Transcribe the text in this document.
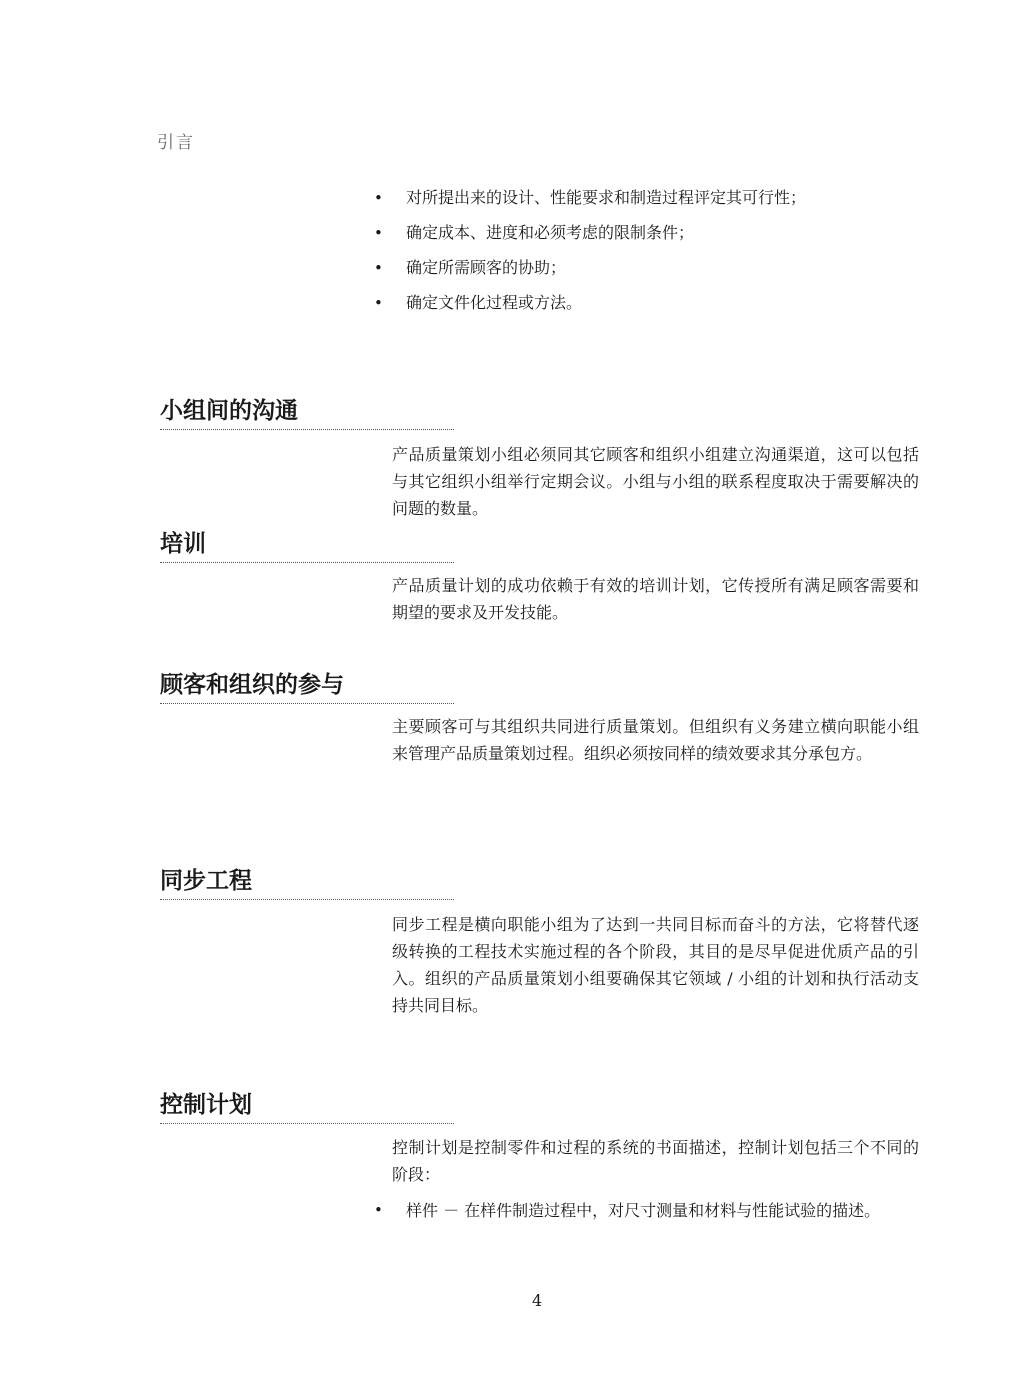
引言
• 对所提出来的设计、性能要求和制造过程评定其可行性；
• 确定成本、进度和必须考虑的限制条件；
• 确定所需顾客的协助；
• 确定文件化过程或方法。
小组间的沟通
产品质量策划小组必须同其它顾客和组织小组建立沟通渠道，这可以包括与其它组织小组举行定期会议。小组与小组的联系程度取决于需要解决的问题的数量。
培训
产品质量计划的成功依赖于有效的培训计划，它传授所有满足顾客需要和期望的要求及开发技能。
顾客和组织的参与
主要顾客可与其组织共同进行质量策划。但组织有义务建立横向职能小组来管理产品质量策划过程。组织必须按同样的绩效要求其分承包方。
同步工程
同步工程是横向职能小组为了达到一共同目标而奋斗的方法，它将替代逐级转换的工程技术实施过程的各个阶段，其目的是尽早促进优质产品的引入。组织的产品质量策划小组要确保其它领域 / 小组的计划和执行活动支持共同目标。
控制计划
控制计划是控制零件和过程的系统的书面描述，控制计划包括三个不同的阶段：
• 样件 － 在样件制造过程中，对尺寸测量和材料与性能试验的描述。
4
